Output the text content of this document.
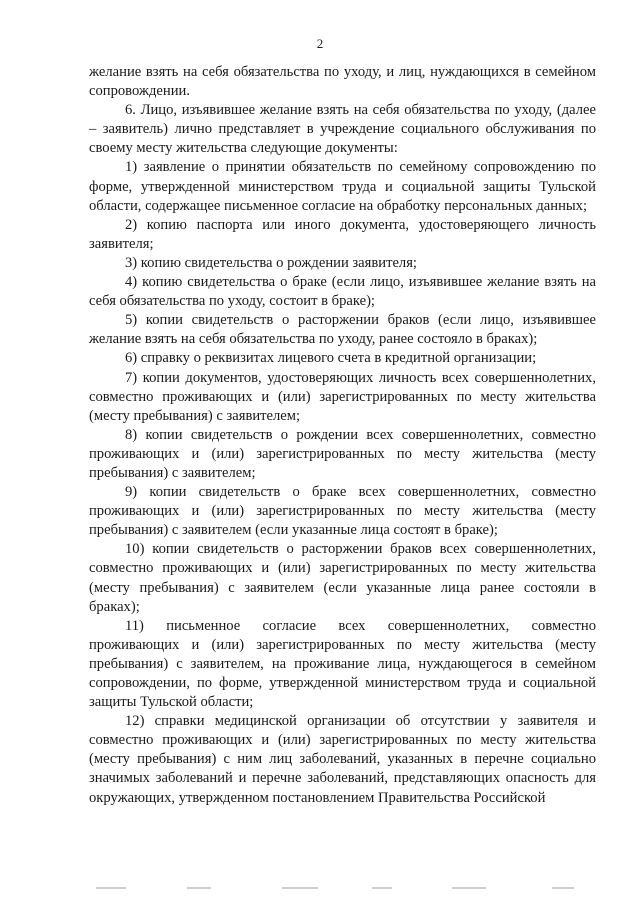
2

желание взять на себя обязательства по уходу, и лиц, нуждающихся в семейном сопровождении.

6. Лицо, изъявившее желание взять на себя обязательства по уходу, (далее – заявитель) лично представляет в учреждение социального обслуживания по своему месту жительства следующие документы:

1) заявление о принятии обязательств по семейному сопровождению по форме, утвержденной министерством труда и социальной защиты Тульской области, содержащее письменное согласие на обработку персональных данных;

2) копию паспорта или иного документа, удостоверяющего личность заявителя;

3) копию свидетельства о рождении заявителя;

4) копию свидетельства о браке (если лицо, изъявившее желание взять на себя обязательства по уходу, состоит в браке);

5) копии свидетельств о расторжении браков (если лицо, изъявившее желание взять на себя обязательства по уходу, ранее состояло в браках);

6) справку о реквизитах лицевого счета в кредитной организации;

7) копии документов, удостоверяющих личность всех совершеннолетних, совместно проживающих и (или) зарегистрированных по месту жительства (месту пребывания) с заявителем;

8) копии свидетельств о рождении всех совершеннолетних, совместно проживающих и (или) зарегистрированных по месту жительства (месту пребывания) с заявителем;

9) копии свидетельств о браке всех совершеннолетних, совместно проживающих и (или) зарегистрированных по месту жительства (месту пребывания) с заявителем (если указанные лица состоят в браке);

10) копии свидетельств о расторжении браков всех совершеннолетних, совместно проживающих и (или) зарегистрированных по месту жительства (месту пребывания) с заявителем (если указанные лица ранее состояли в браках);

11) письменное согласие всех совершеннолетних, совместно проживающих и (или) зарегистрированных по месту жительства (месту пребывания) с заявителем, на проживание лица, нуждающегося в семейном сопровождении, по форме, утвержденной министерством труда и социальной защиты Тульской области;

12) справки медицинской организации об отсутствии у заявителя и совместно проживающих и (или) зарегистрированных по месту жительства (месту пребывания) с ним лиц заболеваний, указанных в перечне социально значимых заболеваний и перечне заболеваний, представляющих опасность для окружающих, утвержденном постановлением Правительства Российской
